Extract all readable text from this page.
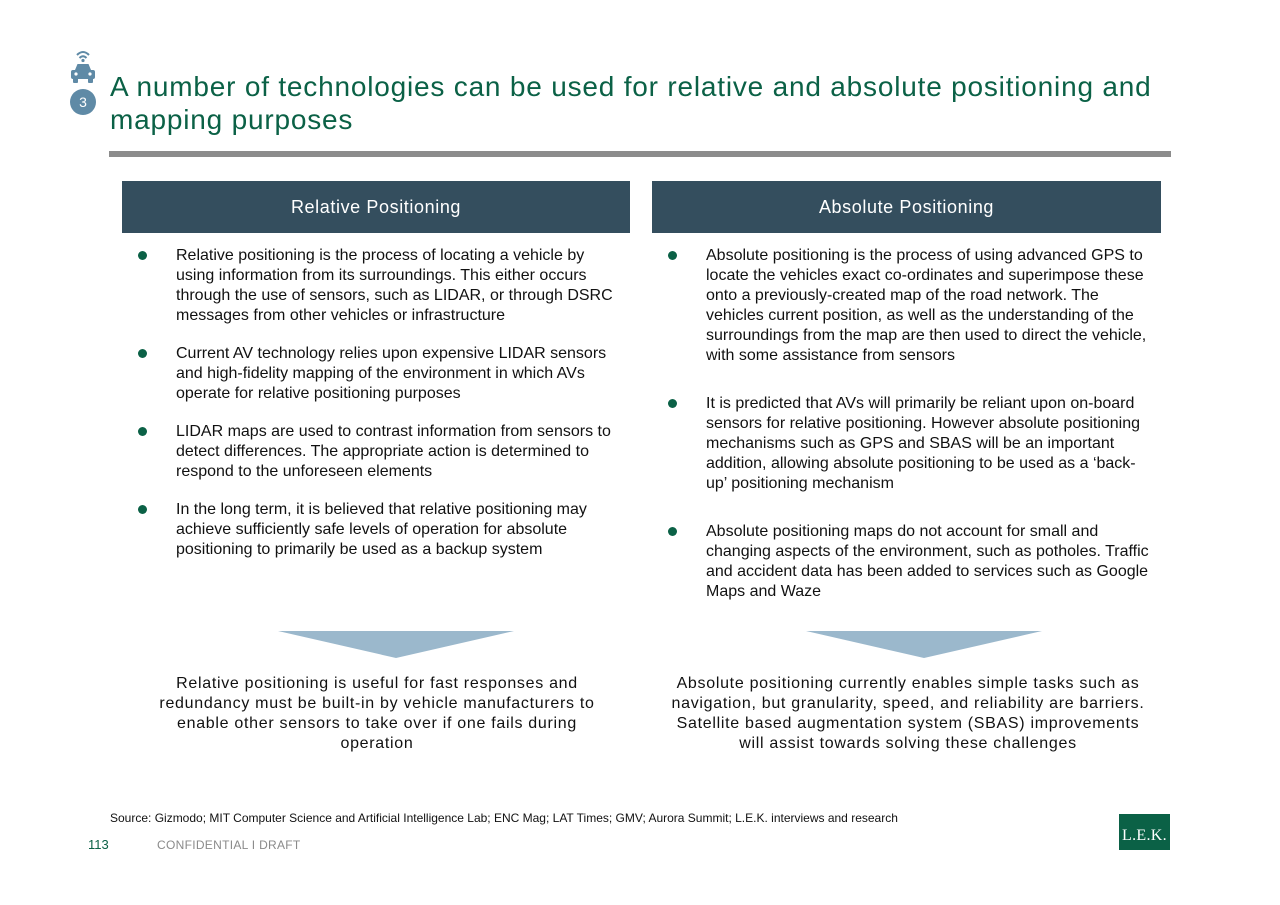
3 A number of technologies can be used for relative and absolute positioning and mapping purposes
Relative Positioning
Relative positioning is the process of locating a vehicle by using information from its surroundings. This either occurs through the use of sensors, such as LIDAR, or through DSRC messages from other vehicles or infrastructure
Current AV technology relies upon expensive LIDAR sensors and high-fidelity mapping of the environment in which AVs operate for relative positioning purposes
LIDAR maps are used to contrast information from sensors to detect differences. The appropriate action is determined to respond to the unforeseen elements
In the long term, it is believed that relative positioning may achieve sufficiently safe levels of operation for absolute positioning to primarily be used as a backup system
Relative positioning is useful for fast responses and redundancy must be built-in by vehicle manufacturers to enable other sensors to take over if one fails during operation
Absolute Positioning
Absolute positioning is the process of using advanced GPS to locate the vehicles exact co-ordinates and superimpose these onto a previously-created map of the road network. The vehicles current position, as well as the understanding of the surroundings from the map are then used to direct the vehicle, with some assistance from sensors
It is predicted that AVs will primarily be reliant upon on-board sensors for relative positioning. However absolute positioning mechanisms such as GPS and SBAS will be an important addition, allowing absolute positioning to be used as a ‘back-up’ positioning mechanism
Absolute positioning maps do not account for small and changing aspects of the environment, such as potholes. Traffic and accident data has been added to services such as Google Maps and Waze
Absolute positioning currently enables simple tasks such as navigation, but granularity, speed, and reliability are barriers. Satellite based augmentation system (SBAS) improvements will assist towards solving these challenges
Source: Gizmodo; MIT Computer Science and Artificial Intelligence Lab; ENC Mag; LAT Times; GMV; Aurora Summit; L.E.K. interviews and research
113	CONFIDENTIAL I DRAFT
L.E.K.
